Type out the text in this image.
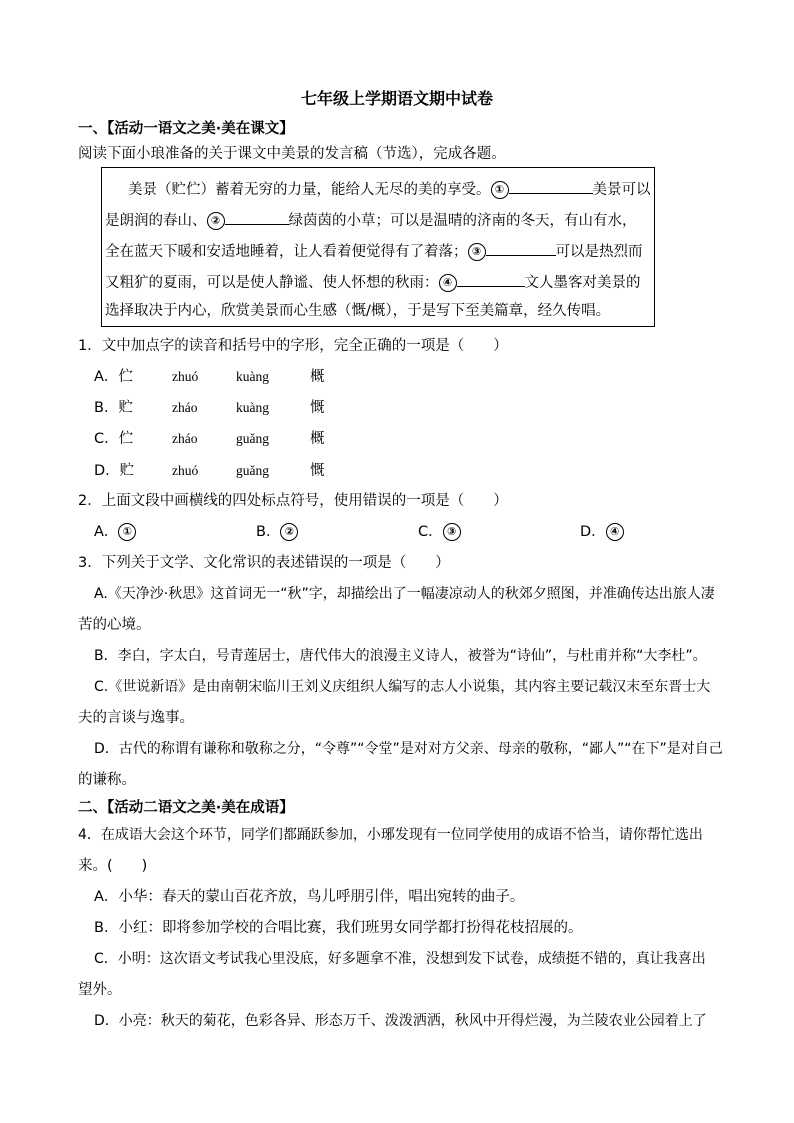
七年级上学期语文期中试卷
一、【活动一语文之美·美在课文】
阅读下面小琅准备的关于课文中美景的发言稿（节选），完成各题。
美景（贮伫）蓄着无穷的力量，能给人无尽的美的享受。 ①	美景可以
是朗润的春山、 ②	绿茵茵的小草；可以是温晴的济南的冬天，有山有水，
全在蓝天下暖和安适地睡着，让人看着便觉得有了着落； ③	可以是热烈而
又粗犷的夏雨，可以是使人静谧、使人怀想的秋雨： ④	文人墨客对美景的
选择取决于内心，欣赏美景而心生感（慨/概），于是写下至美篇章，经久传唱。
1．文中加点字的读音和括号中的字形，完全正确的一项是（　　）
A．伫	zhuó	kuàng	概
B．贮	zháo	kuàng	慨
C．伫	zháo	guǎng	概
D．贮	zhuó	guǎng	慨
2．上面文段中画横线的四处标点符号，使用错误的一项是（　　）
A． ①	B． ②	C． ③	D． ④
3．下列关于文学、文化常识的表述错误的一项是（　　）
A.《天净沙·秋思》这首词无一“秋”字，却描绘出了一幅凄凉动人的秋郊夕照图，并准确传达出旅人凄
苦的心境。
B．李白，字太白，号青莲居士，唐代伟大的浪漫主义诗人，被誉为“诗仙”，与杜甫并称“大李杜”。
C.《世说新语》是由南朝宋临川王刘义庆组织人编写的志人小说集，其内容主要记载汉末至东晋士大
夫的言谈与逸事。
D．古代的称谓有谦称和敬称之分，“令尊”“令堂”是对对方父亲、母亲的敬称，“鄙人”“在下”是对自己
的谦称。
二、【活动二语文之美·美在成语】
4．在成语大会这个环节，同学们都踊跃参加，小琊发现有一位同学使用的成语不恰当，请你帮忙选出
来。(　　)
A．小华：春天的蒙山百花齐放，鸟儿呼朋引伴，唱出宛转的曲子。
B．小红：即将参加学校的合唱比赛，我们班男女同学都打扮得花枝招展的。
C．小明：这次语文考试我心里没底，好多题拿不准，没想到发下试卷，成绩挺不错的，真让我喜出
望外。
D．小亮：秋天的菊花，色彩各异、形态万千、泼泼洒洒，秋风中开得烂漫，为兰陵农业公园着上了
